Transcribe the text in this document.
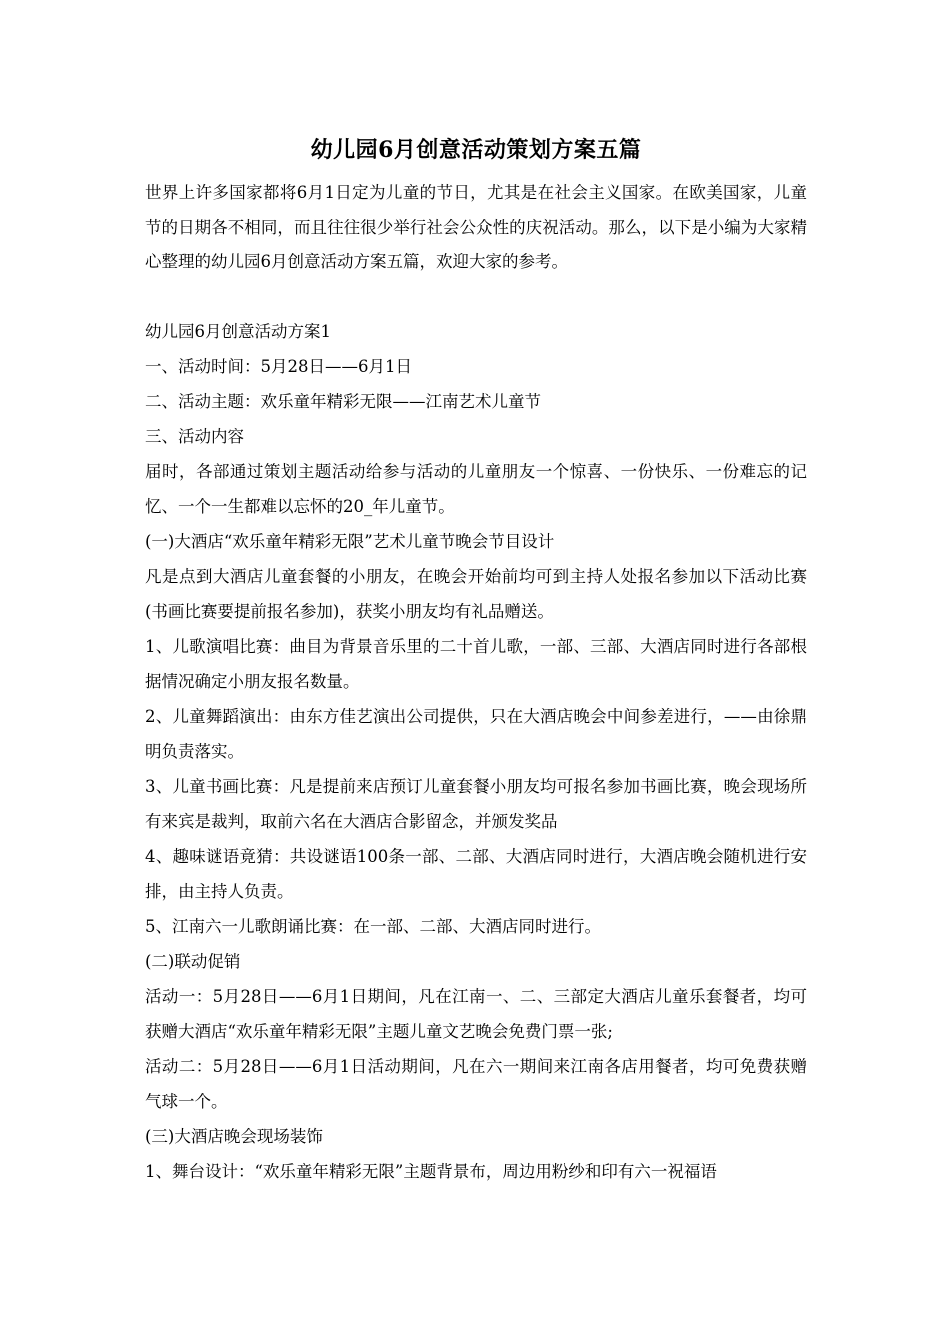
幼儿园6月创意活动策划方案五篇

世界上许多国家都将6月1日定为儿童的节日，尤其是在社会主义国家。在欧美国家，儿童节的日期各不相同，而且往往很少举行社会公众性的庆祝活动。那么，以下是小编为大家精心整理的幼儿园6月创意活动方案五篇，欢迎大家的参考。

幼儿园6月创意活动方案1

一、活动时间：5月28日——6月1日

二、活动主题：欢乐童年精彩无限——江南艺术儿童节

三、活动内容

届时，各部通过策划主题活动给参与活动的儿童朋友一个惊喜、一份快乐、一份难忘的记忆、一个一生都难以忘怀的20_年儿童节。

(一)大酒店“欢乐童年精彩无限”艺术儿童节晚会节目设计

凡是点到大酒店儿童套餐的小朋友，在晚会开始前均可到主持人处报名参加以下活动比赛(书画比赛要提前报名参加)，获奖小朋友均有礼品赠送。

1、儿歌演唱比赛：曲目为背景音乐里的二十首儿歌，一部、三部、大酒店同时进行各部根据情况确定小朋友报名数量。

2、儿童舞蹈演出：由东方佳艺演出公司提供，只在大酒店晚会中间参差进行，——由徐鼎明负责落实。

3、儿童书画比赛：凡是提前来店预订儿童套餐小朋友均可报名参加书画比赛，晚会现场所有来宾是裁判，取前六名在大酒店合影留念，并颁发奖品

4、趣味谜语竟猜：共设谜语100条一部、二部、大酒店同时进行，大酒店晚会随机进行安排，由主持人负责。

5、江南六一儿歌朗诵比赛：在一部、二部、大酒店同时进行。

(二)联动促销

活动一：5月28日——6月1日期间，凡在江南一、二、三部定大酒店儿童乐套餐者，均可获赠大酒店“欢乐童年精彩无限”主题儿童文艺晚会免费门票一张;

活动二：5月28日——6月1日活动期间，凡在六一期间来江南各店用餐者，均可免费获赠气球一个。

(三)大酒店晚会现场装饰

1、舞台设计：“欢乐童年精彩无限”主题背景布，周边用粉纱和印有六一祝福语
